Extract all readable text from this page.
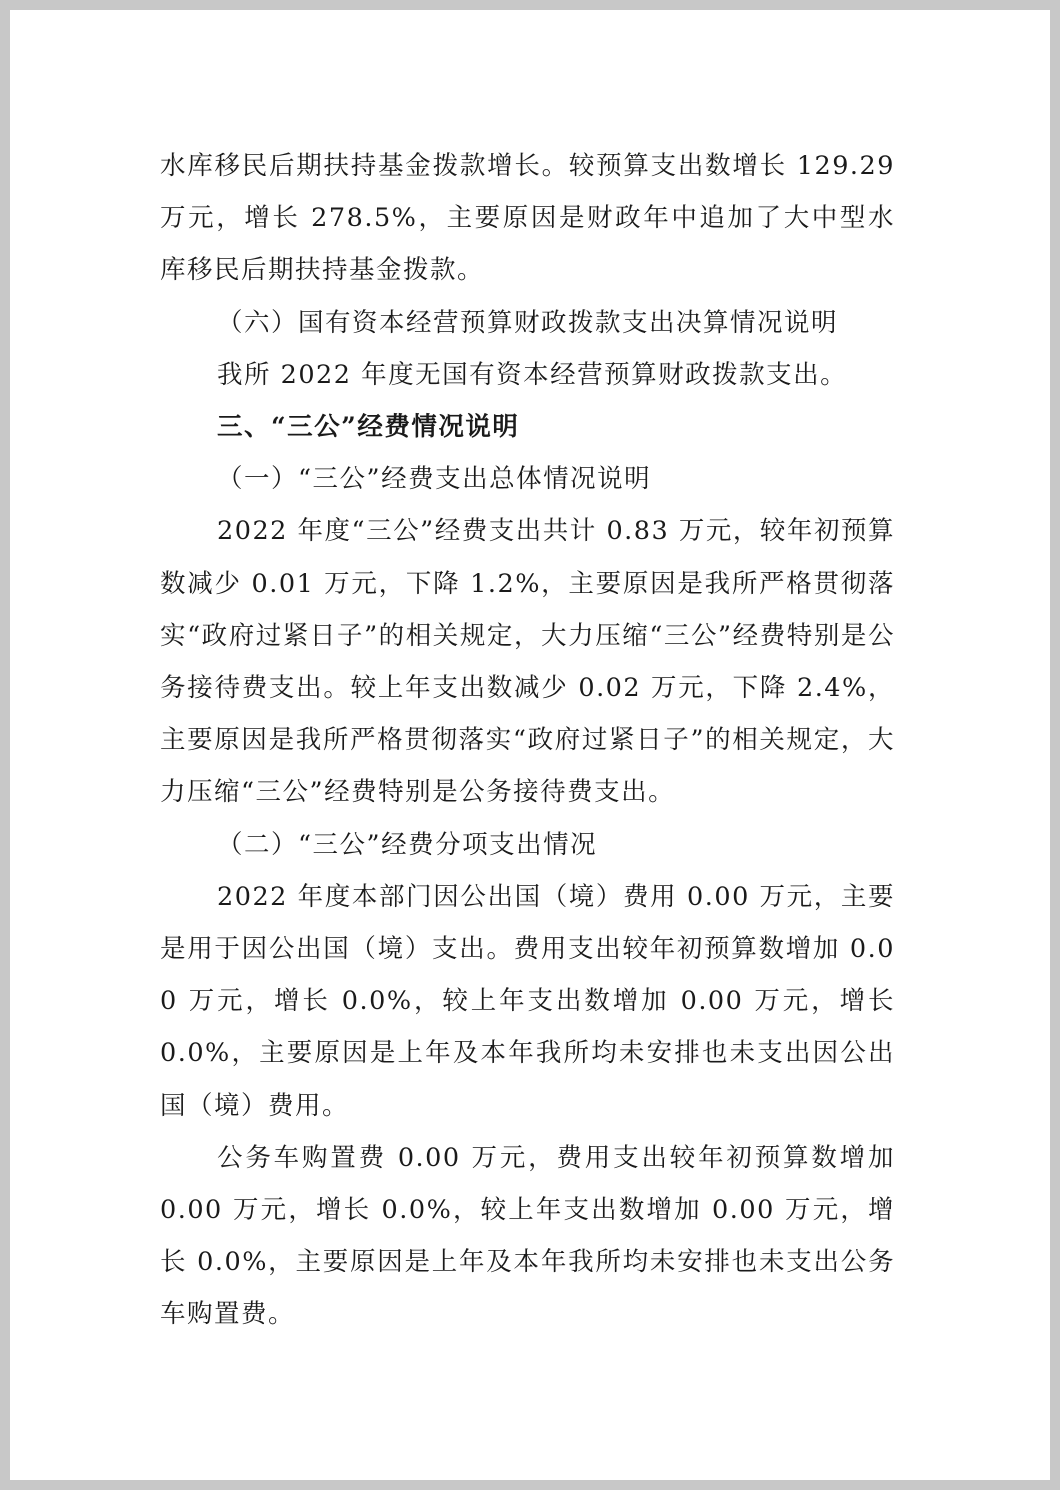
水库移民后期扶持基金拨款增长。较预算支出数增长 129.29 万元，增长 278.5%，主要原因是财政年中追加了大中型水库移民后期扶持基金拨款。

（六）国有资本经营预算财政拨款支出决算情况说明

我所 2022 年度无国有资本经营预算财政拨款支出。

三、“三公”经费情况说明

（一）“三公”经费支出总体情况说明

2022 年度“三公”经费支出共计 0.83 万元，较年初预算数减少 0.01 万元，下降 1.2%，主要原因是我所严格贯彻落实“政府过紧日子”的相关规定，大力压缩“三公”经费特别是公务接待费支出。较上年支出数减少 0.02 万元，下降 2.4%，主要原因是我所严格贯彻落实“政府过紧日子”的相关规定，大力压缩“三公”经费特别是公务接待费支出。

（二）“三公”经费分项支出情况

2022 年度本部门因公出国（境）费用 0.00 万元，主要是用于因公出国（境）支出。费用支出较年初预算数增加 0.00 万元，增长 0.0%，较上年支出数增加 0.00 万元，增长 0.0%，主要原因是上年及本年我所均未安排也未支出因公出国（境）费用。

公务车购置费 0.00 万元，费用支出较年初预算数增加 0.00 万元，增长 0.0%，较上年支出数增加 0.00 万元，增长 0.0%，主要原因是上年及本年我所均未安排也未支出公务车购置费。
